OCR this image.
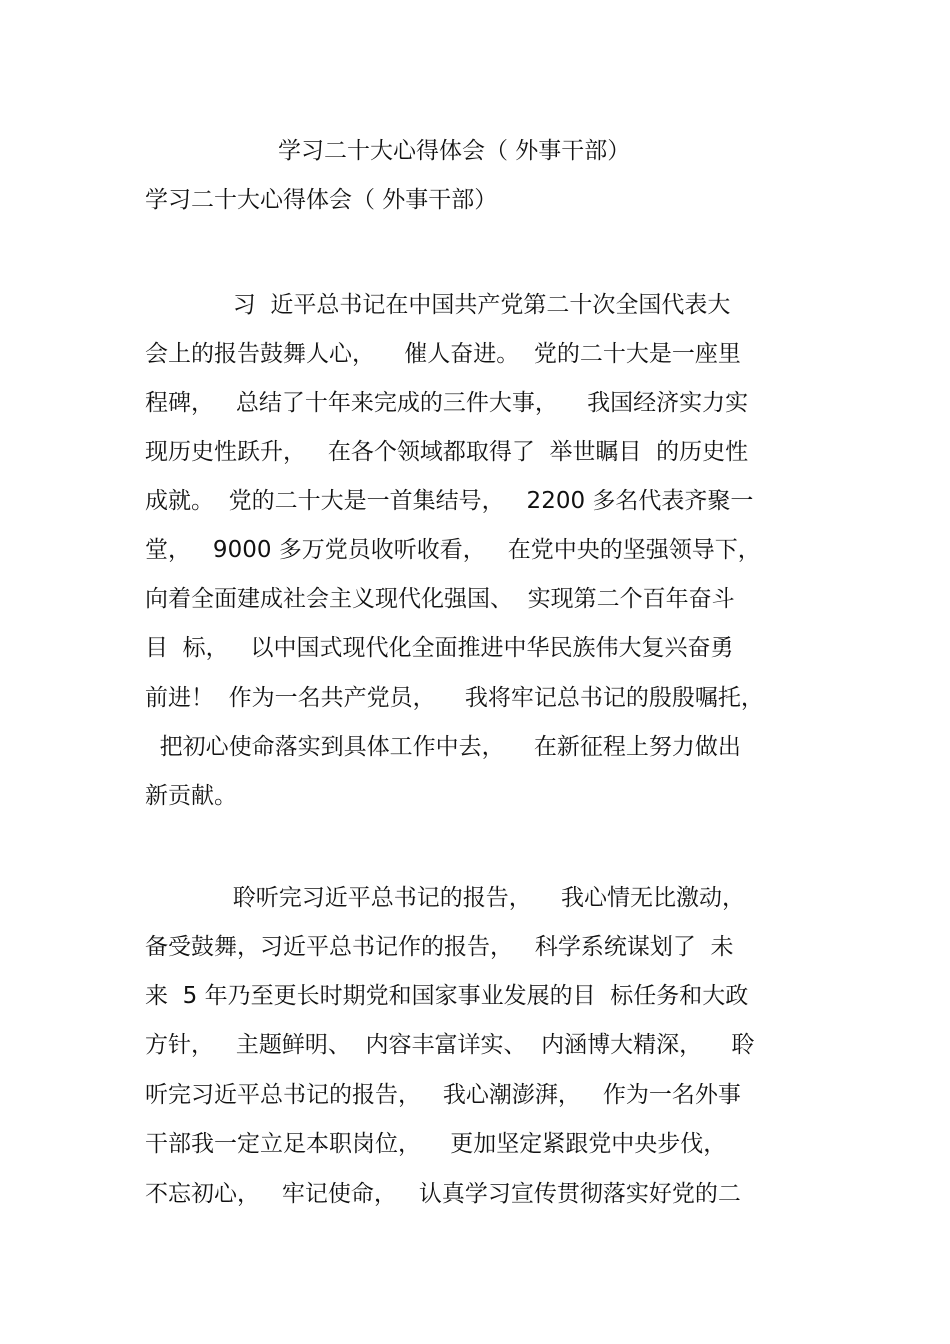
学习二十大心得体会（ 外事干部）
学习二十大心得体会（ 外事干部）
习  近平总书记在中国共产党第二十次全国代表大
会上的报告鼓舞人心，    催人奋进。  党的二十大是一座里
程碑，   总结了十年来完成的三件大事，    我国经济实力实
现历史性跃升，   在各个领域都取得了  举世瞩目  的历史性
成就。  党的二十大是一首集结号，   2200 多名代表齐聚一
堂，   9000 多万党员收听收看，   在党中央的坚强领导下，
向着全面建成社会主义现代化强国、  实现第二个百年奋斗
目  标，   以中国式现代化全面推进中华民族伟大复兴奋勇
前进！  作为一名共产党员，    我将牢记总书记的殷殷嘱托，
把初心使命落实到具体工作中去，    在新征程上努力做出
新贡献。
聆听完习近平总书记的报告，    我心情无比激动，
备受鼓舞，习近平总书记作的报告，   科学系统谋划了  未
来  5 年乃至更长时期党和国家事业发展的目  标任务和大政
方针，   主题鲜明、  内容丰富详实、  内涵博大精深，    聆
听完习近平总书记的报告，   我心潮澎湃，   作为一名外事
干部我一定立足本职岗位，    更加坚定紧跟党中央步伐，
不忘初心，   牢记使命，   认真学习宣传贯彻落实好党的二
